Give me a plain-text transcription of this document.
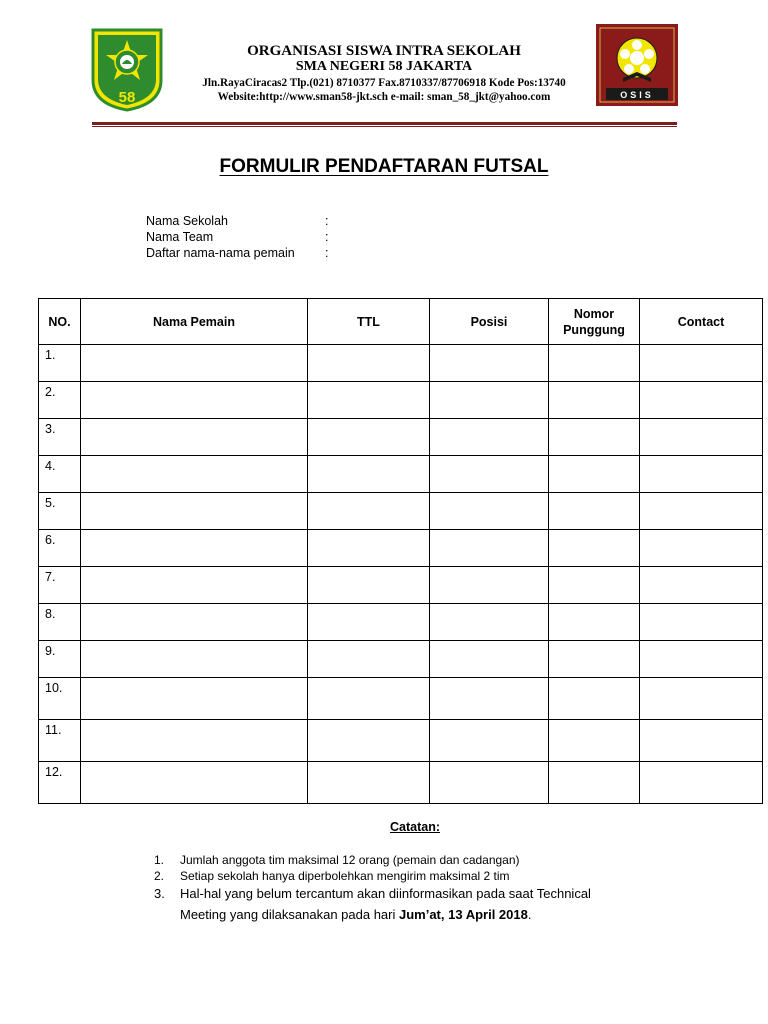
58
ORGANISASI SISWA INTRA SEKOLAH
SMA NEGERI 58 JAKARTA
Jln.RayaCiracas2 Tlp.(021) 8710377 Fax.8710337/87706918 Kode Pos:13740
Website:http://www.sman58-jkt.sch e-mail: sman_58_jkt@yahoo.com	OSIS
FORMULIR PENDAFTARAN FUTSAL
Nama Sekolah	:
Nama Team	:
Daftar nama-nama pemain :
NO.	Nama Pemain	TTL	Posisi	Nomor Punggung	Contact
1.					
2.					
3.					
4.					
5.					
6.					
7.					
8.					
9.					
10.					
11.					
12.					
Catatan:
1. Jumlah anggota tim maksimal 12 orang (pemain dan cadangan)
2. Setiap sekolah hanya diperbolehkan mengirim maksimal 2 tim
3. Hal-hal yang belum tercantum akan diinformasikan pada saat Technical
Meeting yang dilaksanakan pada hari Jum’at, 13 April 2018.
